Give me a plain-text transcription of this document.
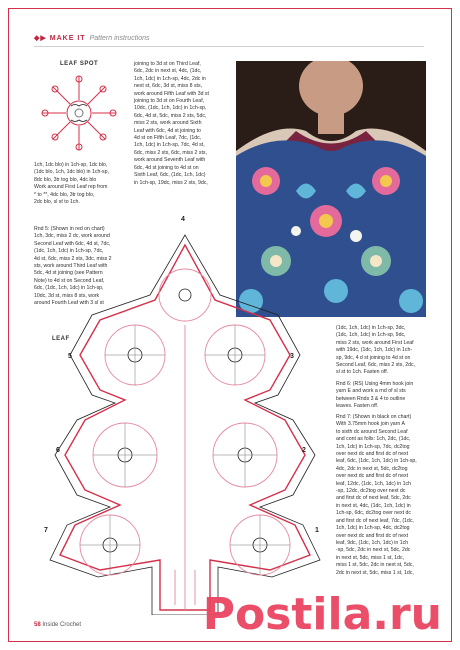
◆▶ MAKE IT Pattern instructions
LEAF SPOT
1ch, 1dc blo) in 1ch-sp, 1dc blo,
(1dc blo, 1ch, 1dc blo) in 1ch-sp,
8dc blo, 3tr tog blo, 4dc blo
Work around First Leaf rep from
* to **, 4dc blo, 3tr tog blo,
2dc blo, sl st to 1ch.
Rnd 5: (Shown in red on chart)
1ch, 3dc, miss 2 dc, work around
Second Leaf with 6dc, 4d st, 7dc,
(1dc, 1ch, 1dc) in 1ch-sp, 7dc,
4d st, 6dc, miss 2 sts, 3dc, miss 2
sts, work around Third Leaf with
5dc, 4d st joining (see Pattern
Note) to 4d st on Second Leaf,
6dc, (1dc, 1ch, 1dc) in 1ch-sp,
10dc, 3d st, miss 8 sts, work
around Fourth Leaf with 3 sl st
joining to 3d st on Third Leaf,
6dc, 2dc in next st, 4dc, (1dc,
1ch, 1dc) in 1ch-sp, 4dc, 2dc in
next st, 6dc, 3d st, miss 8 sts,
work around Fifth Leaf with 3d st
joining to 3d st on Fourth Leaf,
10dc, (1dc, 1ch, 1dc) in 1ch-sp,
6dc, 4d st, 5dc, miss 2 sts, 5dc,
miss 2 sts, work around Sixth
Leaf with 6dc, 4d st joining to
4d st on Fifth Leaf, 7dc, (1dc,
1ch, 1dc) in 1ch-sp, 7dc, 4d st,
6dc, miss 2 sts, 6dc, miss 2 sts,
work around Seventh Leaf with
6dc, 4d st joining to 4d st on
Sixth Leaf, 6dc, (1dc, 1ch, 1dc)
in 1ch-sp, 19dc, miss 2 sts, 9dc,
LEAF
4
5	3
6	2
7	1
(1dc, 1ch, 1dc) in 1ch-sp, 3dc,
(1dc, 1ch, 1dc) in 1ch-sp, 9dc,
miss 2 sts, work around First Leaf
with 19dc, (1dc, 1ch, 1dc) in 1ch-
sp, 9dc, 4 d st joining to 4d st on
Second Leaf, 6dc, miss 2 sts, 2dc,
sl st to 1ch. Fasten off.
Rnd 6: (RS) Using 4mm hook join
yarn E and work a rnd of sl sts
between Rnds 3 & 4 to outline
leaves. Fasten off.
Rnd 7: (Shown in black on chart)
With 3.75mm hook join yarn A
to sixth dc around Second Leaf
and cont as folls: 1ch, 2dc, (1dc,
1ch, 1dc) in 1ch-sp, 7dc, dc2tog
over next dc and first dc of next
leaf, 6dc, (1dc, 1ch, 1dc) in 1ch-sp,
4dc, 2dc in next st, 5dc, dc2tog
over next dc and first dc of next
leaf, 12dc, (1dc, 1ch, 1dc) in 1ch
-sp, 12dc, dc2tog over next dc
and first dc of next leaf, 5dc, 2dc
in next st, 4dc, (1dc, 1ch, 1dc) in
1ch-sp, 6dc, dc2tog over next dc
and first dc of next leaf, 7dc, (1dc,
1ch, 1dc) in 1ch-sp, 4dc, dc2tog
over next dc and first dc of next
leaf, 9dc, (1dc, 1ch, 1dc) in 1ch
-sp, 5dc, 2dc in next st, 5dc, 2dc
in next st, 5dc, miss 1 st, 1dc,
miss 1 st, 5dc, 2dc in next st, 5dc,
2dc in next st, 5dc, miss 1 st, 1dc,
58 Inside Crochet	Postila.ru
